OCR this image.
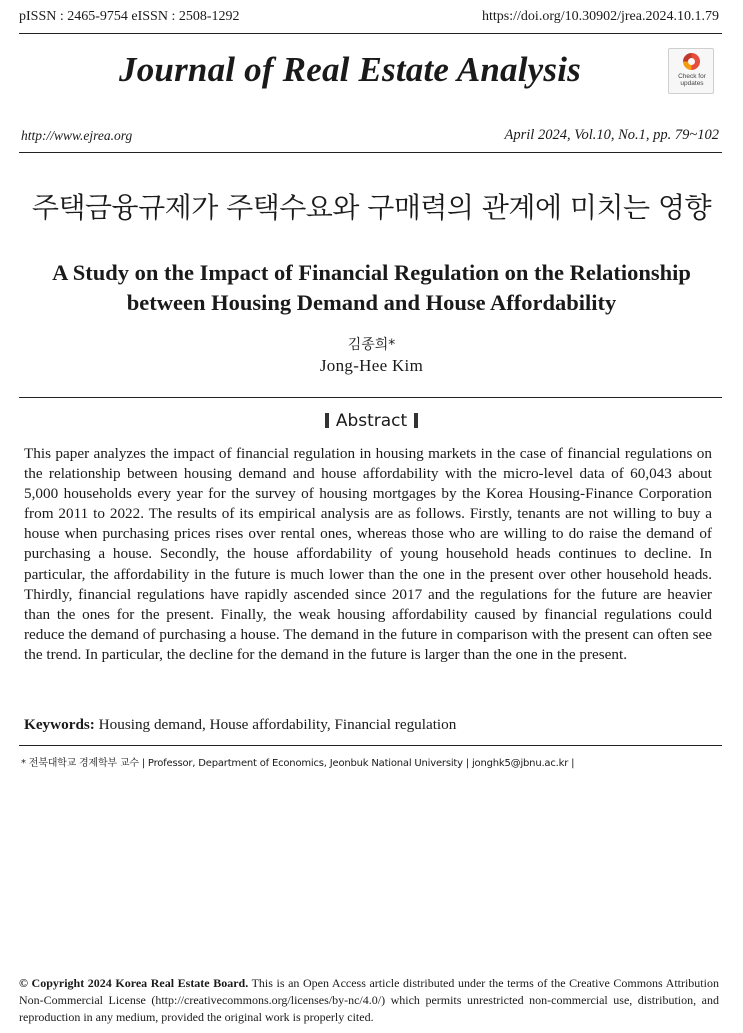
pISSN : 2465-9754 eISSN : 2508-1292	https://doi.org/10.30902/jrea.2024.10.1.79
Journal of Real Estate Analysis	Check for updates
http://www.ejrea.org	April 2024, Vol.10, No.1, pp. 79~102
주택금융규제가 주택수요와 구매력의 관계에 미치는 영향
A Study on the Impact of Financial Regulation on the Relationship between Housing Demand and House Affordability
김종희*
Jong-Hee Kim
Abstract
This paper analyzes the impact of financial regulation in housing markets in the case of financial regulations on the relationship between housing demand and house affordability with the micro-level data of 60,043 about 5,000 households every year for the survey of housing mortgages by the Korea Housing-Finance Corporation from 2011 to 2022. The results of its empirical analysis are as follows. Firstly, tenants are not willing to buy a house when purchasing prices rises over rental ones, whereas those who are willing to do raise the demand of purchasing a house. Secondly, the house affordability of young household heads continues to decline. In particular, the affordability in the future is much lower than the one in the present over other household heads. Thirdly, financial regulations have rapidly ascended since 2017 and the regulations for the future are heavier than the ones for the present. Finally, the weak housing affordability caused by financial regulations could reduce the demand of purchasing a house. The demand in the future in comparison with the present can often see the trend. In particular, the decline for the demand in the future is larger than the one in the present.
Keywords: Housing demand, House affordability, Financial regulation
* 전북대학교 경제학부 교수 | Professor, Department of Economics, Jeonbuk National University | jonghk5@jbnu.ac.kr |
© Copyright 2024 Korea Real Estate Board. This is an Open Access article distributed under the terms of the Creative Commons Attribution Non-Commercial License (http://creativecommons.org/licenses/by-nc/4.0/) which permits unrestricted non-commercial use, distribution, and reproduction in any medium, provided the original work is properly cited.
